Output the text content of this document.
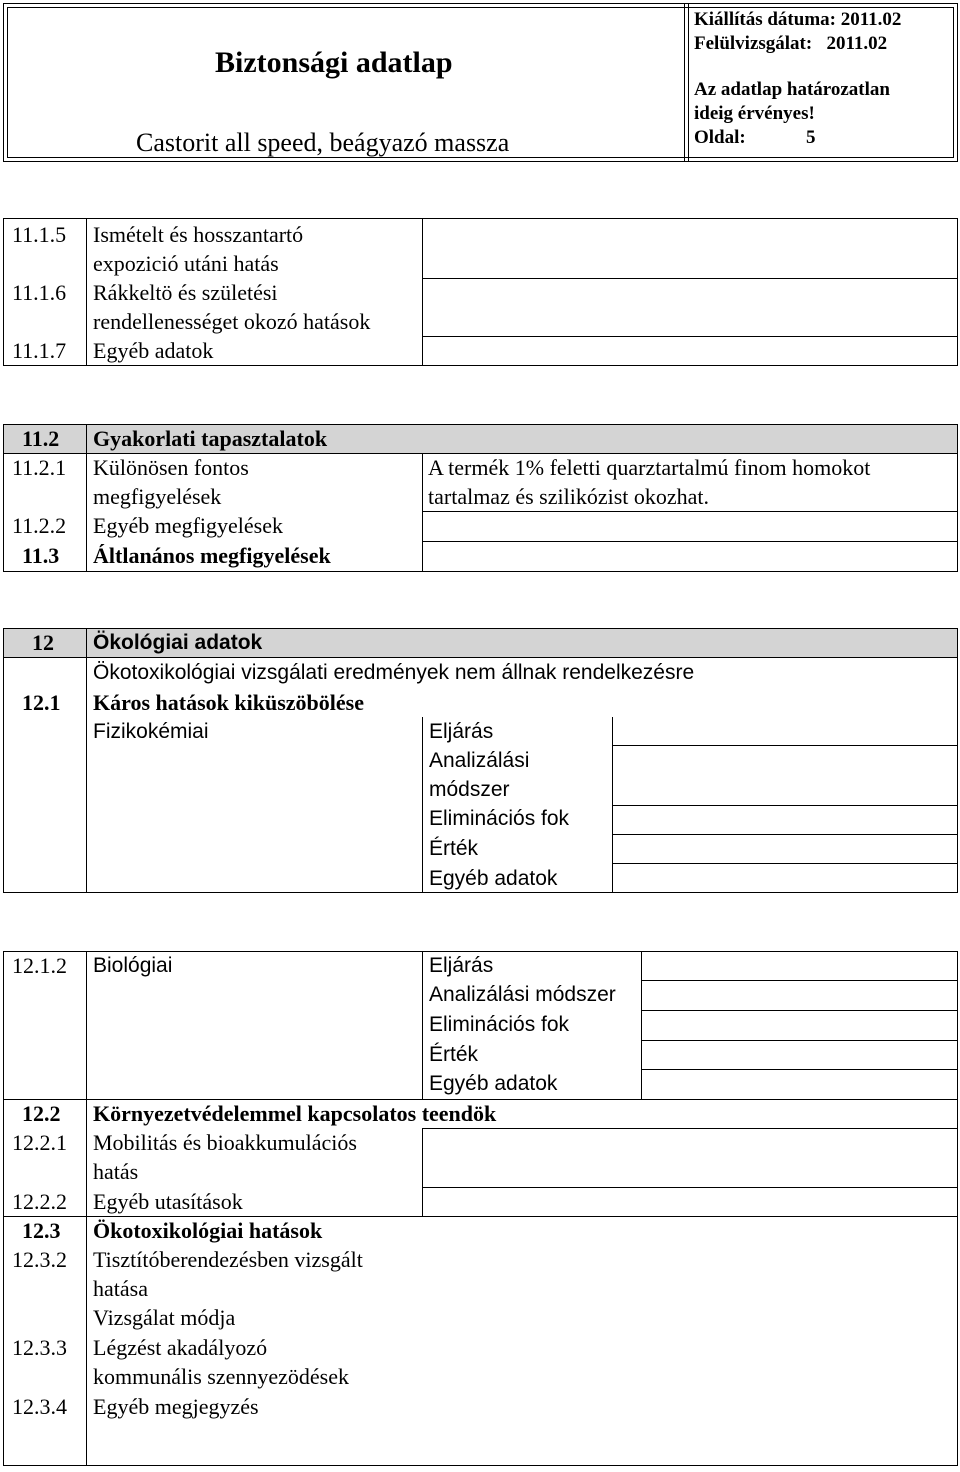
Biztonsági adatlap
Castorit all speed, beágyazó massza
Kiállítás dátuma: 2011.02
Felülvizsgálat:   2011.02
Az adatlap határozatlan
ideig érvényes!
Oldal:	5
11.1.5 Ismételt és hosszantartó
expozició utáni hatás
11.1.6 Rákkeltö és születési
rendellenességet okozó hatások
11.1.7 Egyéb adatok
11.2 Gyakorlati tapasztalatok
11.2.1 Különösen fontos
megfigyelések
A termék 1% feletti quarztartalmú finom homokot
tartalmaz és szilikózist okozhat.
11.2.2 Egyéb megfigyelések
11.3 Áltlanános megfigyelések
12 Ökológiai adatok
Ökotoxikológiai vizsgálati eredmények nem állnak rendelkezésre
12.1 Káros hatások kiküszöbölése
Fizikokémiai	Eljárás
Analizálási
módszer
Eliminációs fok
Érték
Egyéb adatok
12.1.2 Biológiai	Eljárás
Analizálási módszer
Eliminációs fok
Érték
Egyéb adatok
12.2 Környezetvédelemmel kapcsolatos teendök
12.2.1 Mobilitás és bioakkumulációs
hatás
12.2.2 Egyéb utasítások
12.3 Ökotoxikológiai hatások
12.3.2 Tisztítóberendezésben vizsgált
hatása
Vizsgálat módja
12.3.3 Légzést akadályozó
kommunális szennyezödések
12.3.4 Egyéb megjegyzés
